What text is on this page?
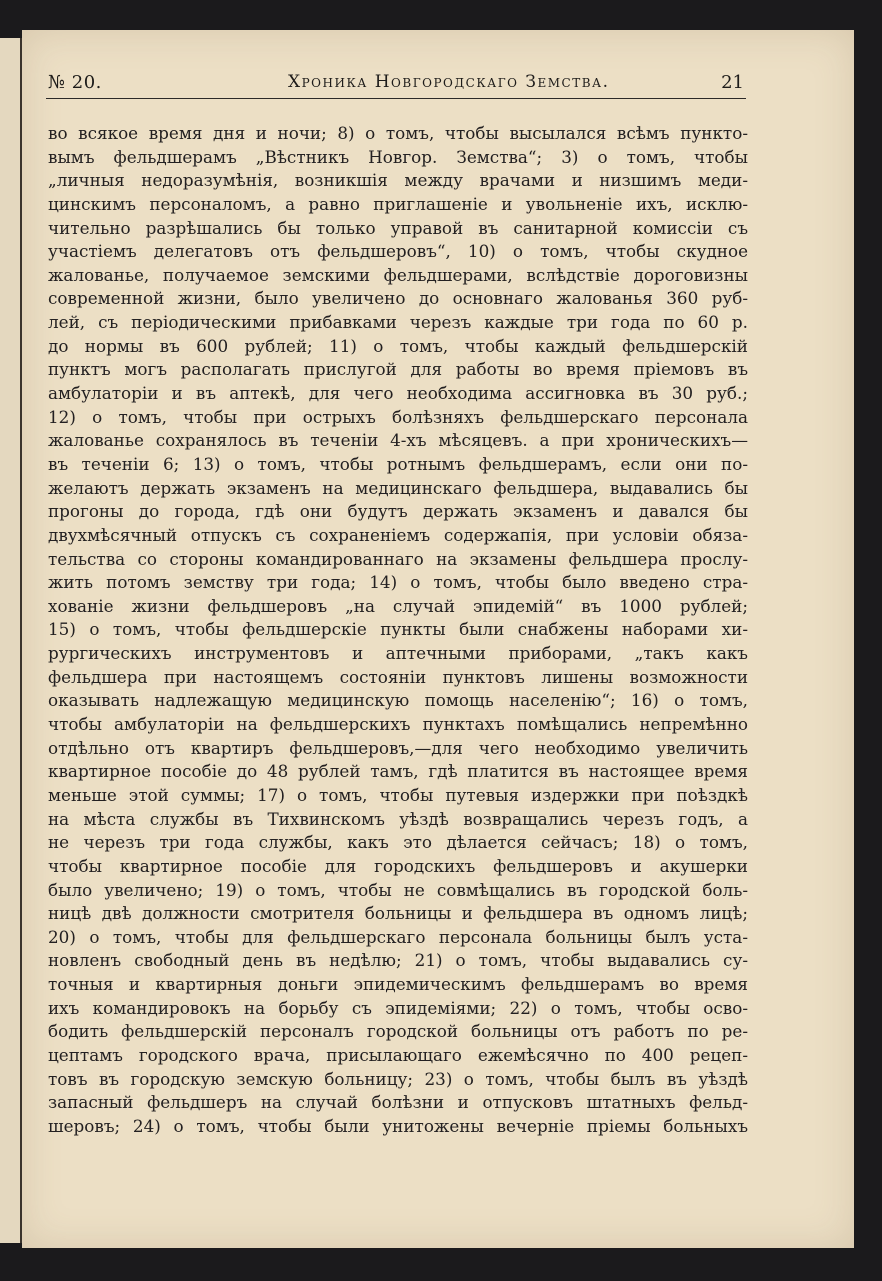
№ 20.	Хроника Новгородскаго Земства.	21
во всякое время дня и ночи; 8) о томъ, чтобы высылался всѣмъ пункто-
вымъ фельдшерамъ „Вѣстникъ Новгор. Земства“; 3) о томъ, чтобы
„личныя недоразумѣнія, возникшія между врачами и низшимъ меди-
цинскимъ персоналомъ, а равно приглашеніе и увольненіе ихъ, исклю-
чительно разрѣшались бы только управой въ санитарной комиссіи съ
участіемъ делегатовъ отъ фельдшеровъ“, 10) о томъ, чтобы скудное
жалованье, получаемое земскими фельдшерами, вслѣдствіе дороговизны
современной жизни, было увеличено до основнаго жалованья 360 руб-
лей, съ періодическими прибавками черезъ каждые три года по 60 р.
до нормы въ 600 рублей; 11) о томъ, чтобы каждый фельдшерскій
пунктъ могъ располагать прислугой для работы во время пріемовъ въ
амбулаторіи и въ аптекѣ, для чего необходима ассигновка въ 30 руб.;
12) о томъ, чтобы при острыхъ болѣзняхъ фельдшерскаго персонала
жалованье сохранялось въ теченіи 4-хъ мѣсяцевъ. а при хроническихъ—
въ теченіи 6; 13) о томъ, чтобы ротнымъ фельдшерамъ, если они по-
желаютъ держать экзаменъ на медицинскаго фельдшера, выдавались бы
прогоны до города, гдѣ они будутъ держать экзаменъ и давался бы
двухмѣсячный отпускъ съ сохраненіемъ содержапія, при условіи обяза-
тельства со стороны командированнаго на экзамены фельдшера прослу-
жить потомъ земству три года; 14) о томъ, чтобы было введено стра-
хованіе жизни фельдшеровъ „на случай эпидемій“ въ 1000 рублей;
15) о томъ, чтобы фельдшерскіе пункты были снабжены наборами хи-
рургическихъ инструментовъ и аптечными приборами, „такъ какъ
фельдшера при настоящемъ состояніи пунктовъ лишены возможности
оказывать надлежащую медицинскую помощь населенію“; 16) о томъ,
чтобы амбулаторіи на фельдшерскихъ пунктахъ помѣщались непремѣнно
отдѣльно отъ квартиръ фельдшеровъ,—для чего необходимо увеличить
квартирное пособіе до 48 рублей тамъ, гдѣ платится въ настоящее время
меньше этой суммы; 17) о томъ, чтобы путевыя издержки при поѣздкѣ
на мѣста службы въ Тихвинскомъ уѣздѣ возвращались черезъ годъ, а
не черезъ три года службы, какъ это дѣлается сейчасъ; 18) о томъ,
чтобы квартирное пособіе для городскихъ фельдшеровъ и акушерки
было увеличено; 19) о томъ, чтобы не совмѣщались въ городской боль-
ницѣ двѣ должности смотрителя больницы и фельдшера въ одномъ лицѣ;
20) о томъ, чтобы для фельдшерскаго персонала больницы былъ уста-
новленъ свободный день въ недѣлю; 21) о томъ, чтобы выдавались су-
точныя и квартирныя доньги эпидемическимъ фельдшерамъ во время
ихъ командировокъ на борьбу съ эпидеміями; 22) о томъ, чтобы осво-
бодить фельдшерскій персоналъ городской больницы отъ работъ по ре-
цептамъ городского врача, присылающаго ежемѣсячно по 400 рецеп-
товъ въ городскую земскую больницу; 23) о томъ, чтобы былъ въ уѣздѣ
запасный фельдшеръ на случай болѣзни и отпусковъ штатныхъ фельд-
шеровъ; 24) о томъ, чтобы были унитожены вечерніе пріемы больныхъ
